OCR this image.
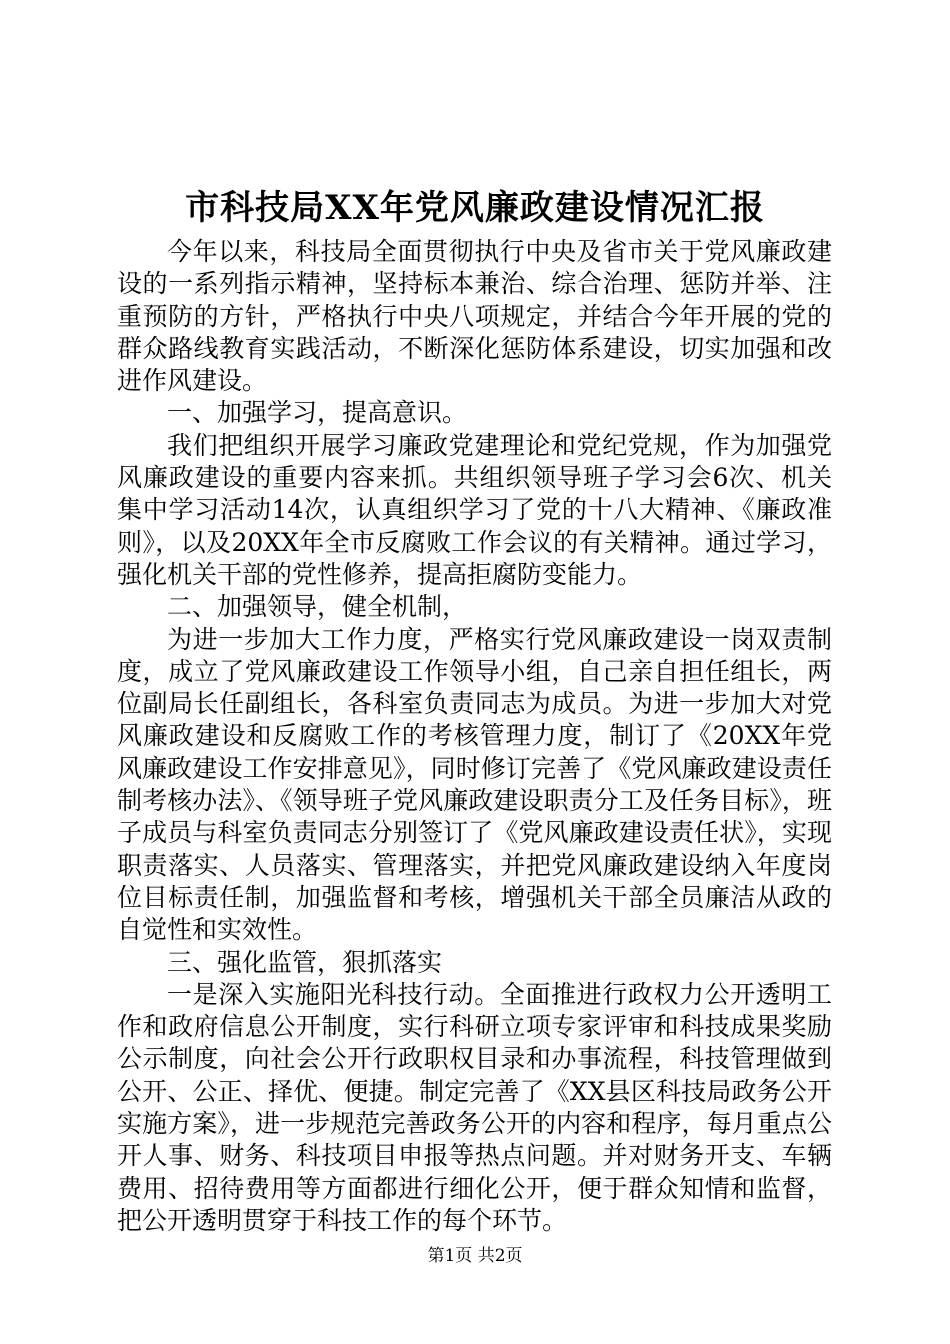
市科技局XX年党风廉政建设情况汇报

今年以来，科技局全面贯彻执行中央及省市关于党风廉政建设的一系列指示精神，坚持标本兼治、综合治理、惩防并举、注重预防的方针，严格执行中央八项规定，并结合今年开展的党的群众路线教育实践活动，不断深化惩防体系建设，切实加强和改进作风建设。

一、加强学习，提高意识。

我们把组织开展学习廉政党建理论和党纪党规，作为加强党风廉政建设的重要内容来抓。共组织领导班子学习会6次、机关集中学习活动14次，认真组织学习了党的十八大精神、《廉政准则》，以及20XX年全市反腐败工作会议的有关精神。通过学习，强化机关干部的党性修养，提高拒腐防变能力。

二、加强领导，健全机制，

为进一步加大工作力度，严格实行党风廉政建设一岗双责制度，成立了党风廉政建设工作领导小组，自己亲自担任组长，两位副局长任副组长，各科室负责同志为成员。为进一步加大对党风廉政建设和反腐败工作的考核管理力度，制订了《20XX年党风廉政建设工作安排意见》，同时修订完善了《党风廉政建设责任制考核办法》、《领导班子党风廉政建设职责分工及任务目标》，班子成员与科室负责同志分别签订了《党风廉政建设责任状》，实现职责落实、人员落实、管理落实，并把党风廉政建设纳入年度岗位目标责任制，加强监督和考核，增强机关干部全员廉洁从政的自觉性和实效性。

三、强化监管，狠抓落实

一是深入实施阳光科技行动。全面推进行政权力公开透明工作和政府信息公开制度，实行科研立项专家评审和科技成果奖励公示制度，向社会公开行政职权目录和办事流程，科技管理做到公开、公正、择优、便捷。制定完善了《XX县区科技局政务公开实施方案》，进一步规范完善政务公开的内容和程序，每月重点公开人事、财务、科技项目申报等热点问题。并对财务开支、车辆费用、招待费用等方面都进行细化公开，便于群众知情和监督，把公开透明贯穿于科技工作的每个环节。

第1页 共2页
